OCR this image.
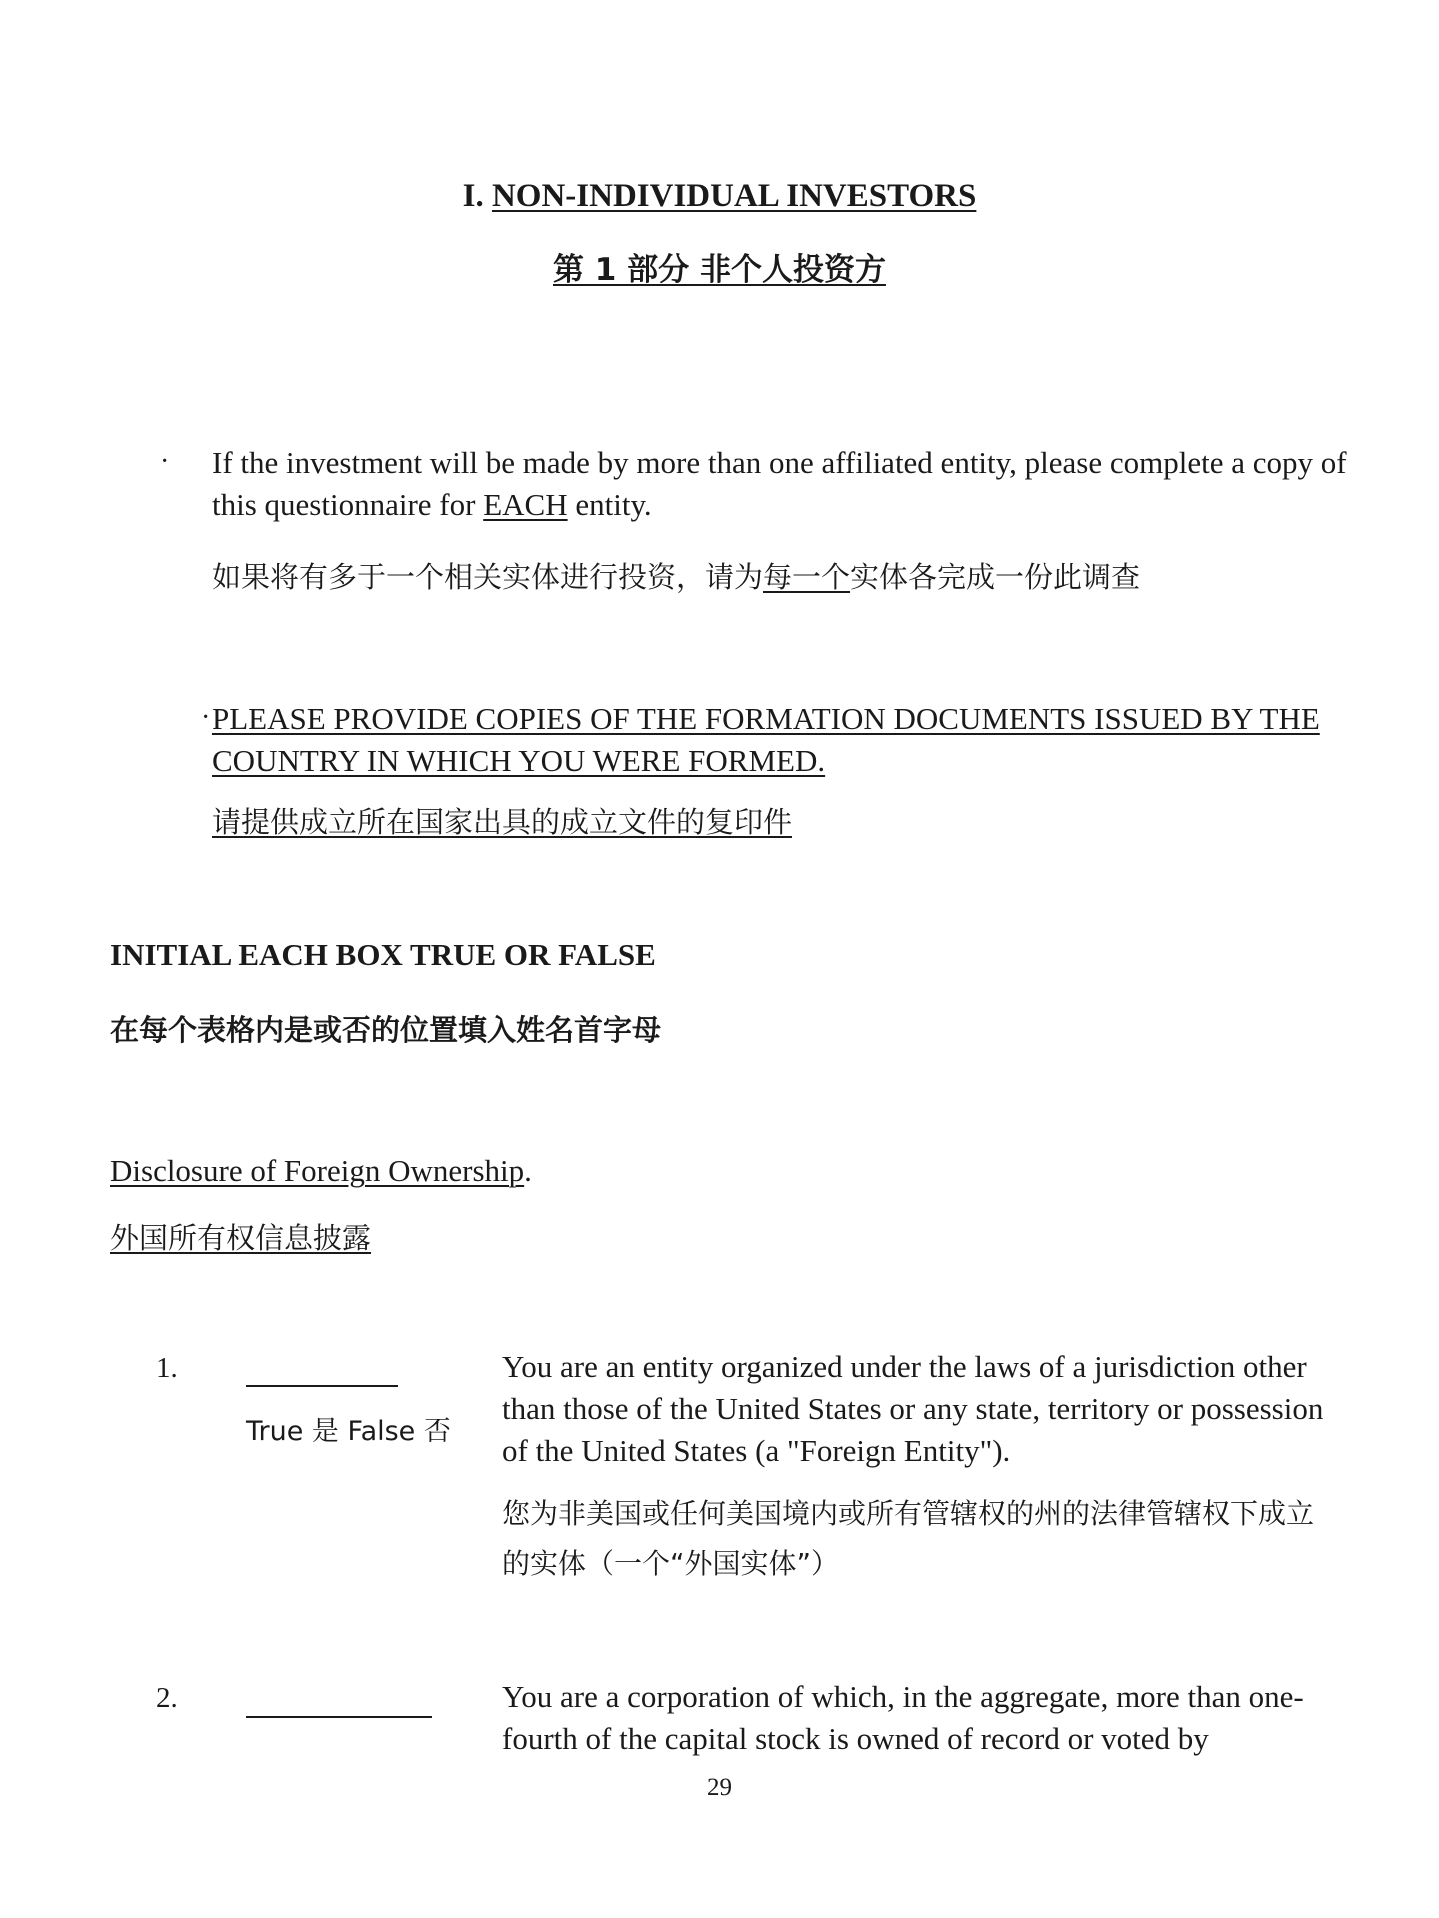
I. NON-INDIVIDUAL INVESTORS
第 1 部分 非个人投资方
· If the investment will be made by more than one affiliated entity, please complete a copy of this questionnaire for EACH entity.
如果将有多于一个相关实体进行投资，请为每一个实体各完成一份此调查
· PLEASE PROVIDE COPIES OF THE FORMATION DOCUMENTS ISSUED BY THE COUNTRY IN WHICH YOU WERE FORMED.
请提供成立所在国家出具的成立文件的复印件
INITIAL EACH BOX TRUE OR FALSE
在每个表格内是或否的位置填入姓名首字母
Disclosure of Foreign Ownership.
外国所有权信息披露
1.
True 是 False 否
You are an entity organized under the laws of a jurisdiction other than those of the United States or any state, territory or possession of the United States (a "Foreign Entity").
您为非美国或任何美国境内或所有管辖权的州的法律管辖权下成立的实体（一个“外国实体”）
2.	You are a corporation of which, in the aggregate, more than one-fourth of the capital stock is owned of record or voted by
29
